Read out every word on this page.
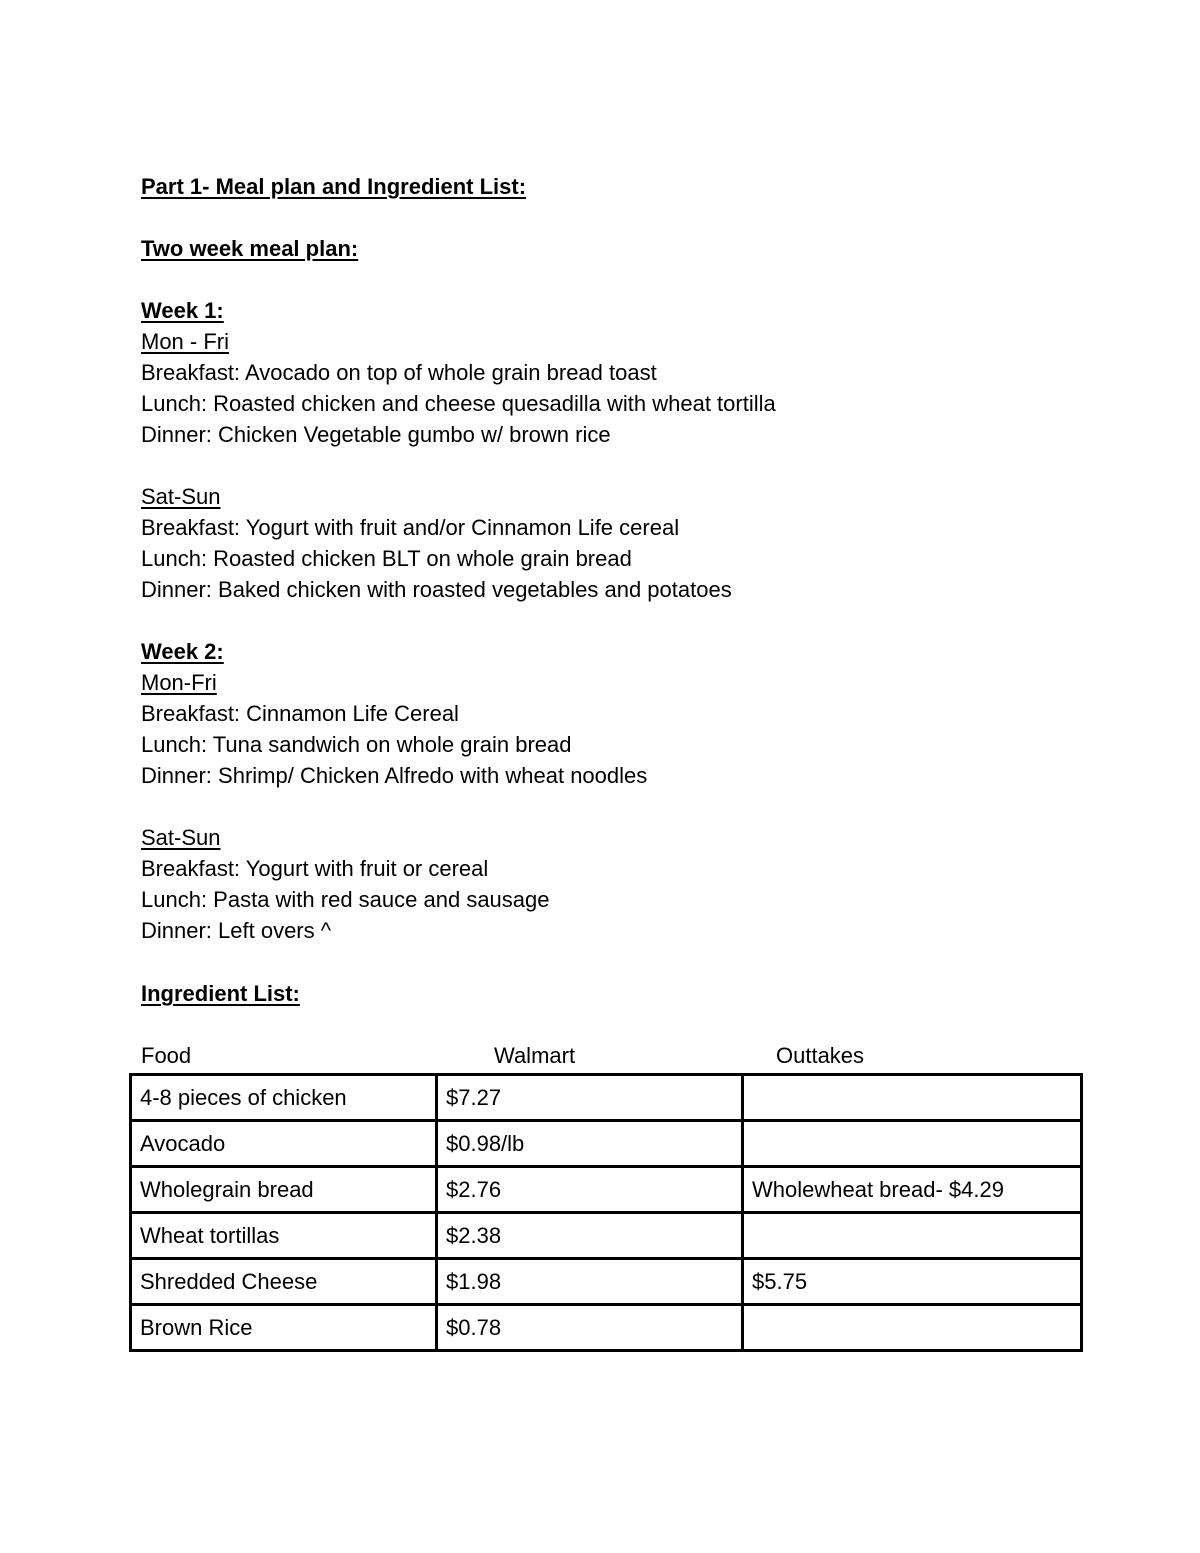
Part 1- Meal plan and Ingredient List:
Two week meal plan:
Week 1:
Mon - Fri
Breakfast: Avocado on top of whole grain bread toast
Lunch: Roasted chicken and cheese quesadilla with wheat tortilla
Dinner: Chicken Vegetable gumbo w/ brown rice
Sat-Sun
Breakfast: Yogurt with fruit and/or Cinnamon Life cereal
Lunch: Roasted chicken BLT on whole grain bread
Dinner: Baked chicken with roasted vegetables and potatoes
Week 2:
Mon-Fri
Breakfast: Cinnamon Life Cereal
Lunch: Tuna sandwich on whole grain bread
Dinner: Shrimp/ Chicken Alfredo with wheat noodles
Sat-Sun
Breakfast: Yogurt with fruit or cereal
Lunch: Pasta with red sauce and sausage
Dinner: Left overs ^
Ingredient List:
Food	Walmart	Outtakes
4-8 pieces of chicken	$7.27	
Avocado	$0.98/lb	
Wholegrain bread	$2.76	Wholewheat bread- $4.29
Wheat tortillas	$2.38	
Shredded Cheese	$1.98	$5.75
Brown Rice	$0.78	
